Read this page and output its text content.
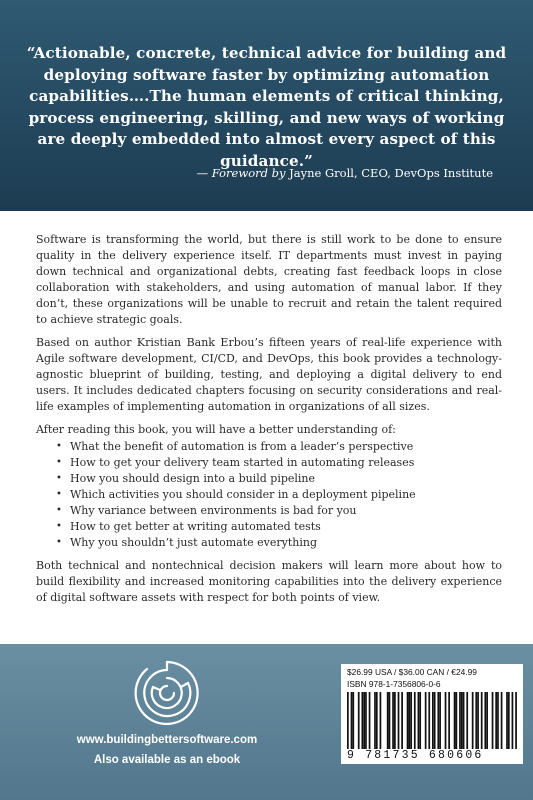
“Actionable, concrete, technical advice for building and deploying software faster by optimizing automation capabilities….The human elements of critical thinking, process engineering, skilling, and new ways of working are deeply embedded into almost every aspect of this guidance.”
— Foreword by Jayne Groll, CEO, DevOps Institute

Software is transforming the world, but there is still work to be done to ensure quality in the delivery experience itself. IT departments must invest in paying down technical and organizational debts, creating fast feedback loops in close collaboration with stakeholders, and using automation of manual labor. If they don’t, these organizations will be unable to recruit and retain the talent required to achieve strategic goals.

Based on author Kristian Bank Erbou’s fifteen years of real-life experience with Agile software development, CI/CD, and DevOps, this book provides a technology-agnostic blueprint of building, testing, and deploying a digital delivery to end users. It includes dedicated chapters focusing on security considerations and real-life examples of implementing automation in organizations of all sizes.

After reading this book, you will have a better understanding of:

• What the benefit of automation is from a leader’s perspective
• How to get your delivery team started in automating releases
• How you should design into a build pipeline
• Which activities you should consider in a deployment pipeline
• Why variance between environments is bad for you
• How to get better at writing automated tests
• Why you shouldn’t just automate everything

Both technical and nontechnical decision makers will learn more about how to build flexibility and increased monitoring capabilities into the delivery experience of digital software assets with respect for both points of view.

www.buildingbettersoftware.com
Also available as an ebook
$26.99 USA / $36.00 CAN / €24.99
ISBN 978-1-7356806-0-6
9 781735 680606
